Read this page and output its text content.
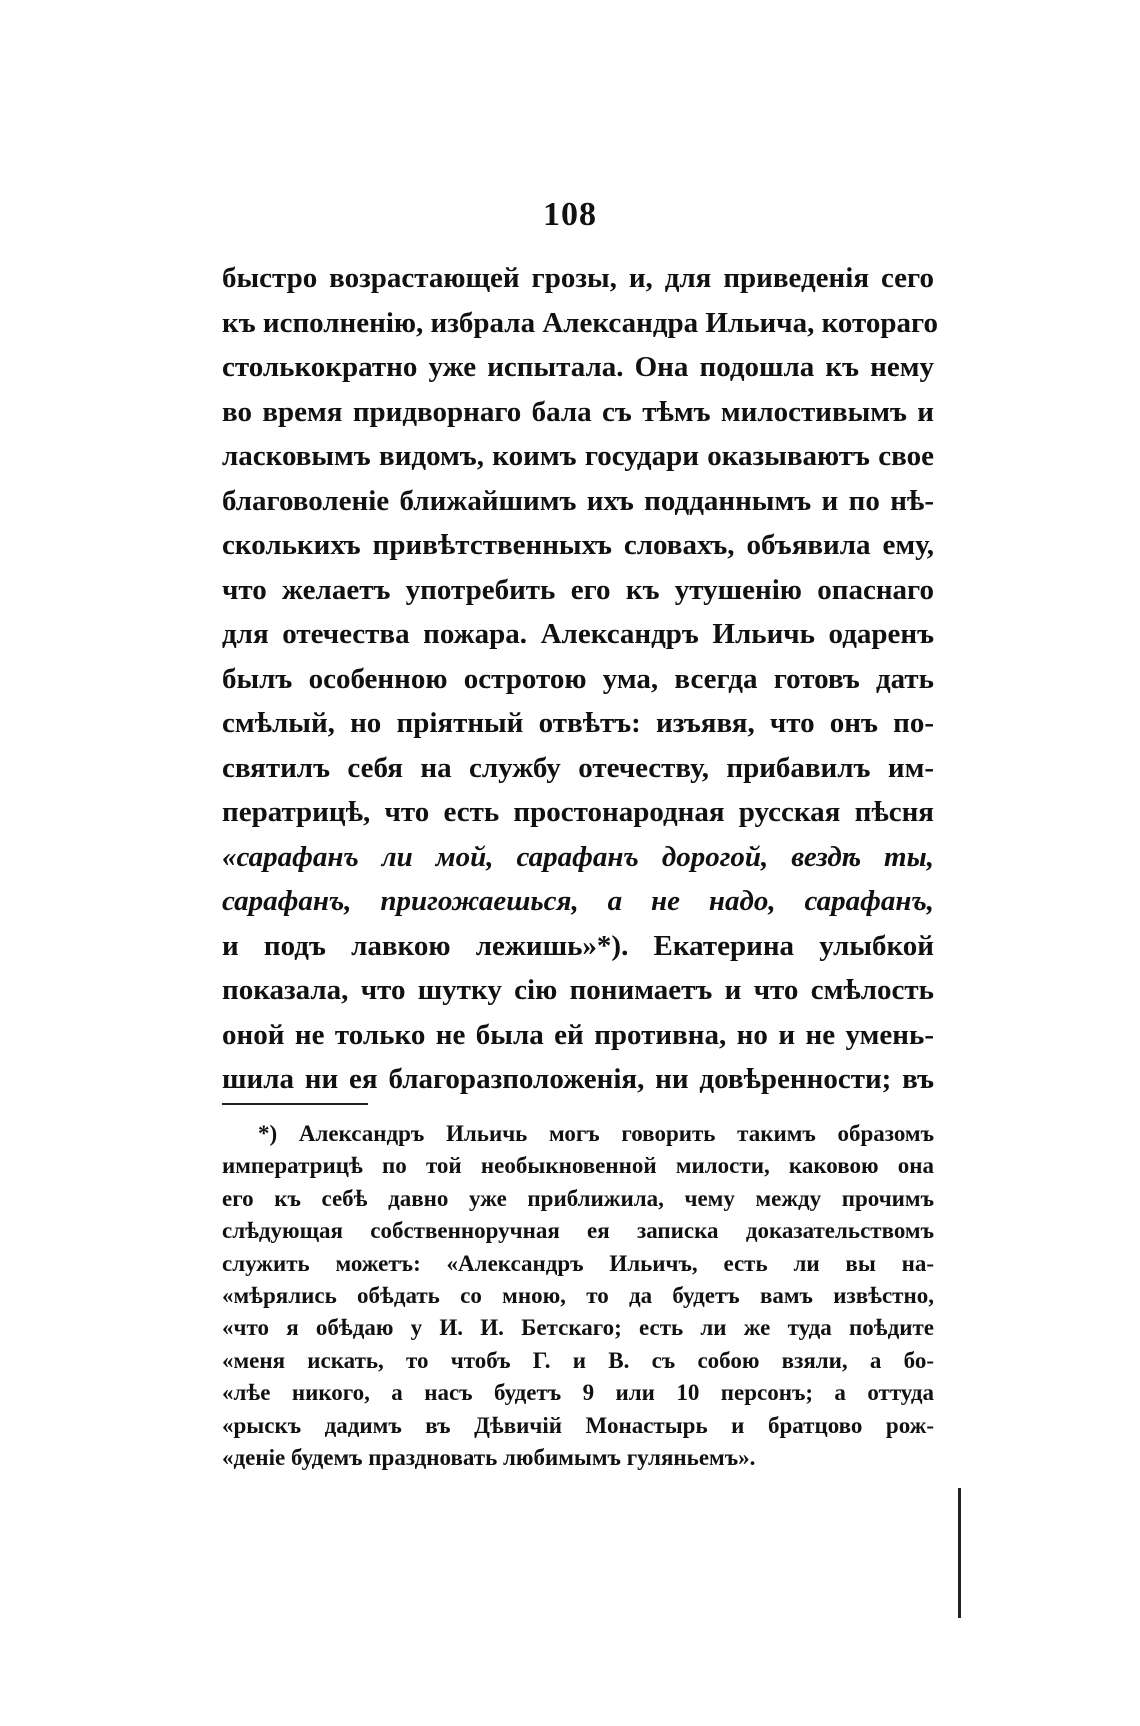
108
быстро возрастающей грозы, и, для приведенія сего
къ исполненію, избрала Александра Ильича, котораго
столькократно уже испытала. Она подошла къ нему
во время придворнаго бала съ тѣмъ милостивымъ и
ласковымъ видомъ, коимъ государи оказываютъ свое
благоволеніе ближайшимъ ихъ подданнымъ и по нѣ-
сколькихъ привѣтственныхъ словахъ, объявила ему,
что желаетъ употребить его къ утушенію опаснаго
для отечества пожара. Александръ Ильичь одаренъ
былъ особенною остротою ума, всегда готовъ дать
смѣлый, но пріятный отвѣтъ: изъявя, что онъ по-
святилъ себя на службу отечеству, прибавилъ им-
ператрицѣ, что есть простонародная русская пѣсня
«сарафанъ ли мой, сарафанъ дорогой, вездѣ ты,
сарафанъ, пригожаешься, а не надо, сарафанъ,
и подъ лавкою лежишь»*). Екатерина улыбкой
показала, что шутку сію понимаетъ и что смѣлость
оной не только не была ей противна, но и не умень-
шила ни ея благоразположенія, ни довѣренности; въ
*) Александръ Ильичь могъ говорить такимъ образомъ
императрицѣ по той необыкновенной милости, каковою она
его къ себѣ давно уже приближила, чему между прочимъ
слѣдующая собственноручная ея записка доказательствомъ
служить можетъ: «Александръ Ильичъ, есть ли вы на-
«мѣрялись обѣдать со мною, то да будетъ вамъ извѣстно,
«что я обѣдаю у И. И. Бетскаго; есть ли же туда поѣдите
«меня искать, то чтобъ Г. и В. съ собою взяли, а бо-
«лѣе никого, а насъ будетъ 9 или 10 персонъ; а оттуда
«рыскъ дадимъ въ Дѣвичій Монастырь и братцово рож-
«деніе будемъ праздновать любимымъ гуляньемъ».
